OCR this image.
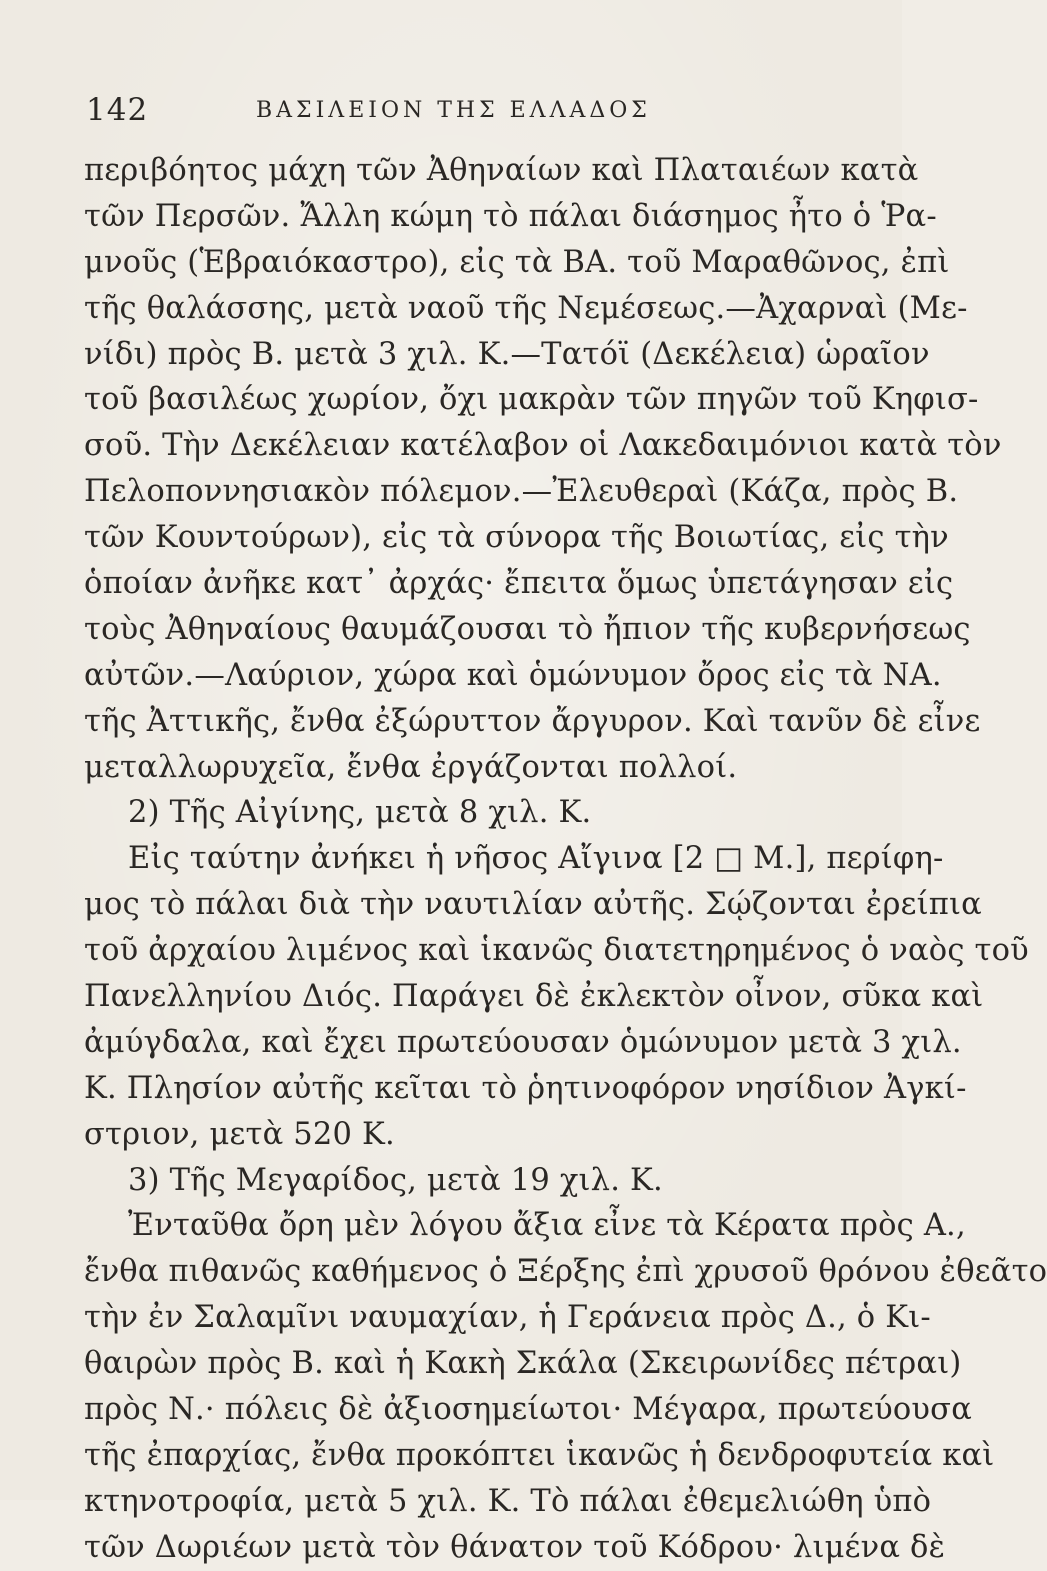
142	ΒΑΣΙΛΕΙΟΝ ΤΗΣ ΕΛΛΑΔΟΣ
περιβόητος μάχη τῶν Ἀθηναίων καὶ Πλαταιέων κατὰ
τῶν Περσῶν. Ἄλλη κώμη τὸ πάλαι διάσημος ἦτο ὁ Ῥα-
μνοῦς (Ἑβραιόκαστρο), εἰς τὰ ΒΑ. τοῦ Μαραθῶνος, ἐπὶ
τῆς θαλάσσης, μετὰ ναοῦ τῆς Νεμέσεως.—Ἀχαρναὶ (Με-
νίδι) πρὸς Β. μετὰ 3 χιλ. Κ.—Τατόϊ (Δεκέλεια) ὡραῖον
τοῦ βασιλέως χωρίον, ὄχι μακρὰν τῶν πηγῶν τοῦ Κηφισ-
σοῦ. Τὴν Δεκέλειαν κατέλαβον οἱ Λακεδαιμόνιοι κατὰ τὸν
Πελοποννησιακὸν πόλεμον.—Ἐλευθεραὶ (Κάζα, πρὸς Β.
τῶν Κουντούρων), εἰς τὰ σύνορα τῆς Βοιωτίας, εἰς τὴν
ὁποίαν ἀνῆκε κατ᾽ ἀρχάς· ἔπειτα ὅμως ὑπετάγησαν εἰς
τοὺς Ἀθηναίους θαυμάζουσαι τὸ ἤπιον τῆς κυβερνήσεως
αὐτῶν.—Λαύριον, χώρα καὶ ὁμώνυμον ὄρος εἰς τὰ ΝΑ.
τῆς Ἀττικῆς, ἔνθα ἐξώρυττον ἄργυρον. Καὶ τανῦν δὲ εἶνε
μεταλλωρυχεῖα, ἔνθα ἐργάζονται πολλοί.
2) Τῆς Αἰγίνης, μετὰ 8 χιλ. Κ.
Εἰς ταύτην ἀνήκει ἡ νῆσος Αἴγινα [2 □ Μ.], περίφη-
μος τὸ πάλαι διὰ τὴν ναυτιλίαν αὐτῆς. Σῴζονται ἐρείπια
τοῦ ἀρχαίου λιμένος καὶ ἱκανῶς διατετηρημένος ὁ ναὸς τοῦ
Πανελληνίου Διός. Παράγει δὲ ἐκλεκτὸν οἶνον, σῦκα καὶ
ἀμύγδαλα, καὶ ἔχει πρωτεύουσαν ὁμώνυμον μετὰ 3 χιλ.
Κ. Πλησίον αὐτῆς κεῖται τὸ ῥητινοφόρον νησίδιον Ἀγκί-
στριον, μετὰ 520 Κ.
3) Τῆς Μεγαρίδος, μετὰ 19 χιλ. Κ.
Ἐνταῦθα ὄρη μὲν λόγου ἄξια εἶνε τὰ Κέρατα πρὸς Α.,
ἔνθα πιθανῶς καθήμενος ὁ Ξέρξης ἐπὶ χρυσοῦ θρόνου ἐθεᾶτο
τὴν ἐν Σαλαμῖνι ναυμαχίαν, ἡ Γεράνεια πρὸς Δ., ὁ Κι-
θαιρὼν πρὸς Β. καὶ ἡ Κακὴ Σκάλα (Σκειρωνίδες πέτραι)
πρὸς Ν.· πόλεις δὲ ἀξιοσημείωτοι· Μέγαρα, πρωτεύουσα
τῆς ἐπαρχίας, ἔνθα προκόπτει ἱκανῶς ἡ δενδροφυτεία καὶ
κτηνοτροφία, μετὰ 5 χιλ. Κ. Τὸ πάλαι ἐθεμελιώθη ὑπὸ
τῶν Δωριέων μετὰ τὸν θάνατον τοῦ Κόδρου· λιμένα δὲ
